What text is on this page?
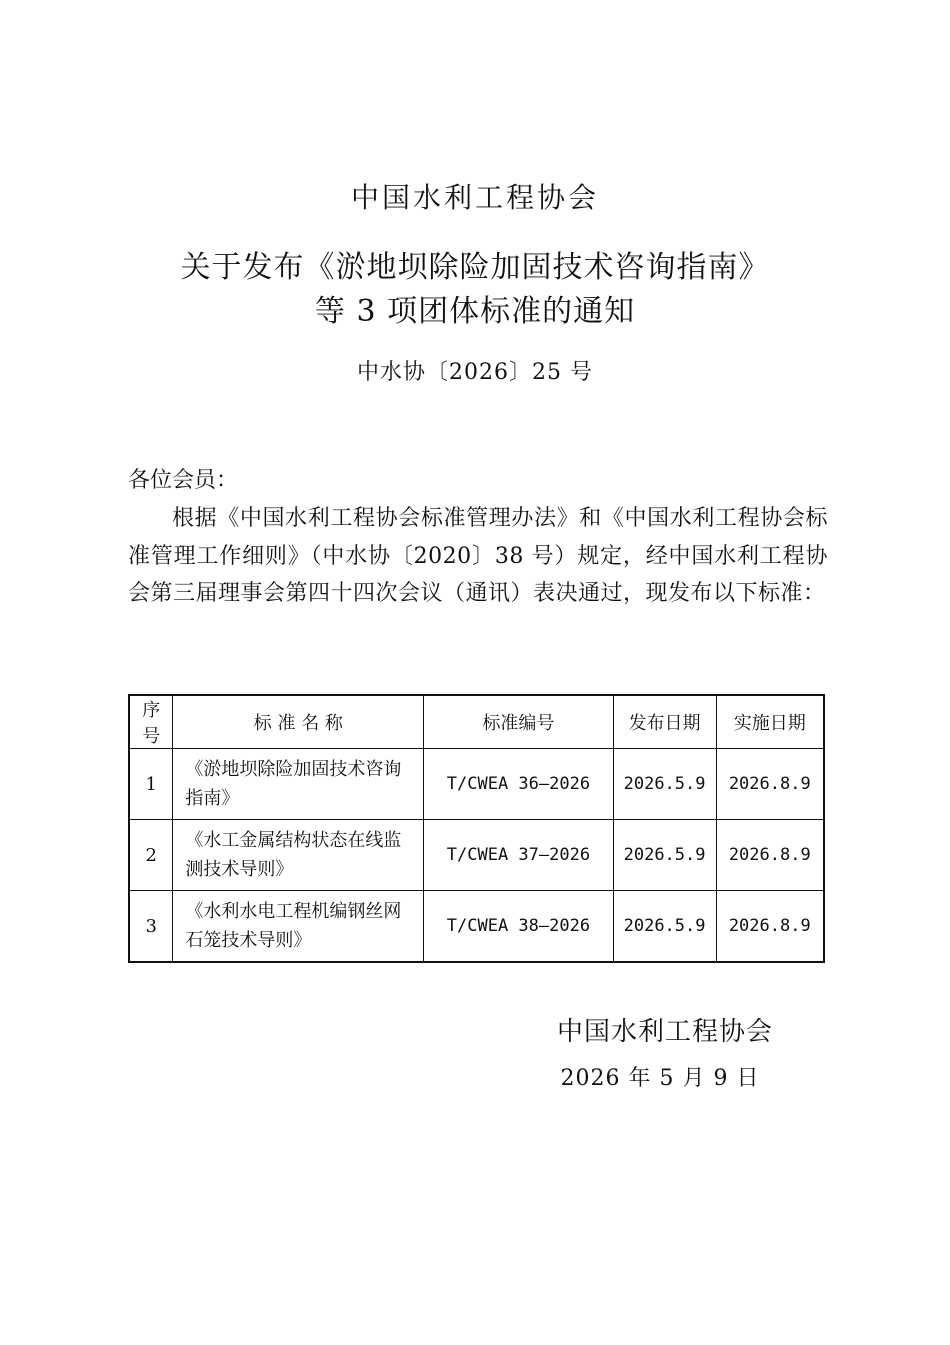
中国水利工程协会
关于发布《淤地坝除险加固技术咨询指南》
等 3 项团体标准的通知
中水协〔2026〕25 号
各位会员：
根据《中国水利工程协会标准管理办法》和《中国水利工程协会标准管理工作细则》（中水协〔2020〕38 号）规定，经中国水利工程协会第三届理事会第四十四次会议（通讯）表决通过，现发布以下标准：
序号	标 准 名 称	标准编号	发布日期	实施日期
1	《淤地坝除险加固技术咨询指南》	T/CWEA 36—2026	2026.5.9	2026.8.9
2	《水工金属结构状态在线监测技术导则》	T/CWEA 37—2026	2026.5.9	2026.8.9
3	《水利水电工程机编钢丝网石笼技术导则》	T/CWEA 38—2026	2026.5.9	2026.8.9
中国水利工程协会
2026 年 5 月 9 日
